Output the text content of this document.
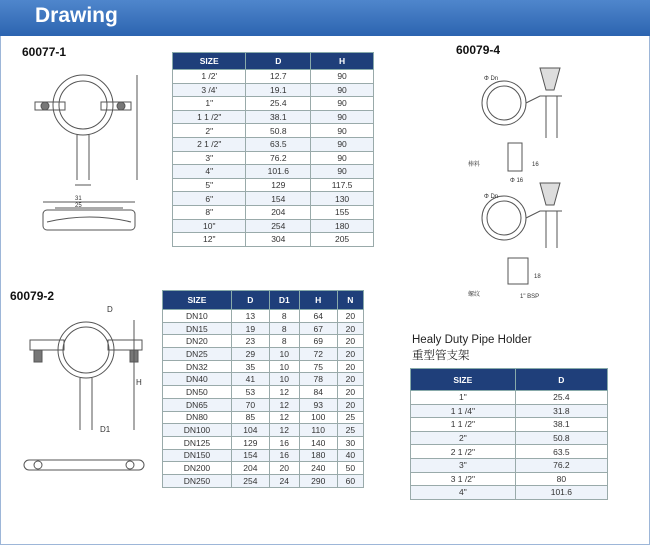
Drawing
60077-1
60079-2
60079-4
31
25
SIZE	D	H
1 /2'	12.7	90
3 /4'	19.1	90
1"	25.4	90
1 1 /2"	38.1	90
2"	50.8	90
2 1 /2"	63.5	90
3"	76.2	90
4"	101.6	90
5"	129	117.5
6"	154	130
8"	204	155
10"	254	180
12"	304	205
Φ Dn
16
Φ 16
棒料
Φ Dn
18
螺纹	1" BSP
D
H
D1
SIZE	D	D1	H	N
DN10	13	8	64	20
DN15	19	8	67	20
DN20	23	8	69	20
DN25	29	10	72	20
DN32	35	10	75	20
DN40	41	10	78	20
DN50	53	12	84	20
DN65	70	12	93	20
DN80	85	12	100	25
DN100	104	12	110	25
DN125	129	16	140	30
DN150	154	16	180	40
DN200	204	20	240	50
DN250	254	24	290	60
Healy Duty Pipe Holder
重型管支架
SIZE	D
1"	25.4
1 1 /4"	31.8
1 1 /2"	38.1
2"	50.8
2 1 /2"	63.5
3"	76.2
3 1 /2"	80
4"	101.6
